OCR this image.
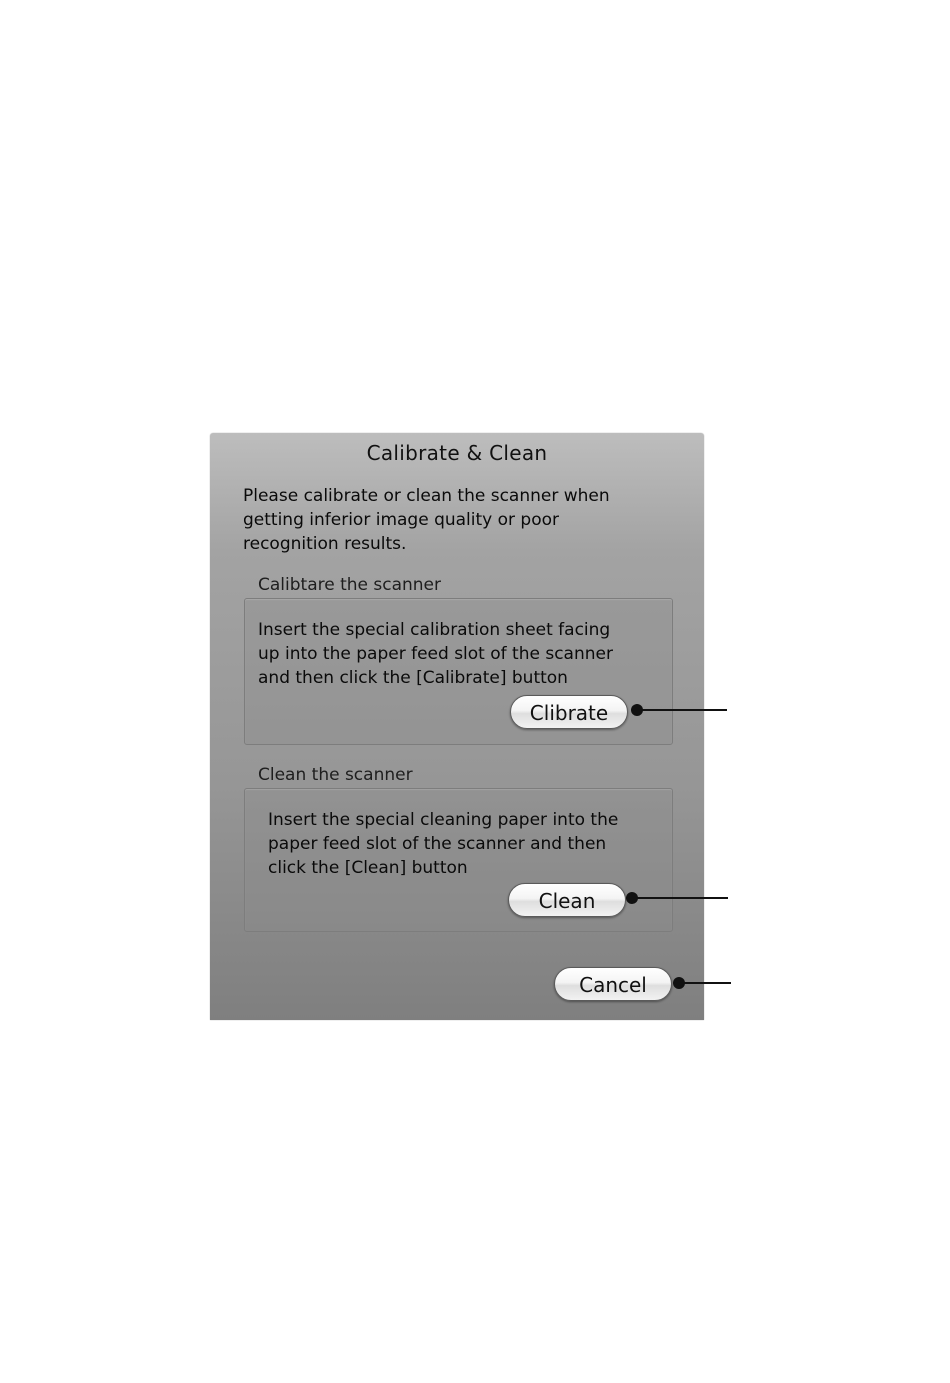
Calibrate & Clean
Please calibrate or clean the scanner when
getting inferior image quality or poor
recognition results.
Calibtare the scanner
Insert the special calibration sheet facing
up into the paper feed slot of the scanner
and then click the [Calibrate] button
Clibrate
Clean the scanner
Insert the special cleaning paper into the
paper feed slot of the scanner and then
click the [Clean] button
Clean
Cancel
